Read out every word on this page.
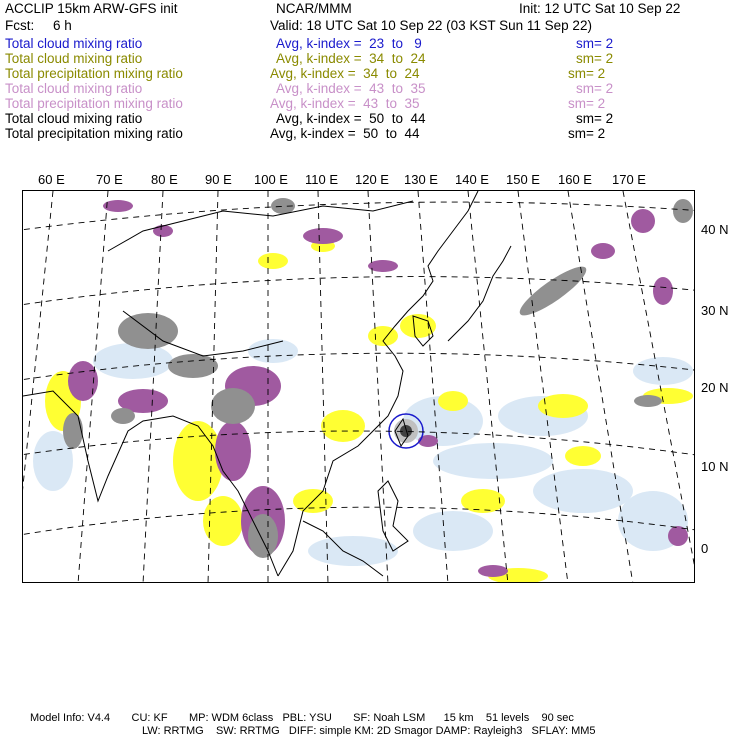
ACCLIP 15km ARW-GFS init	NCAR/MMM	Init: 12 UTC Sat 10 Sep 22
Fcst:     6 h	Valid: 18 UTC Sat 10 Sep 22 (03 KST Sun 11 Sep 22)
Total cloud mixing ratio	Avg, k-index =  23  to   9	sm= 2
Total cloud mixing ratio	Avg, k-index =  34  to  24	sm= 2
Total precipitation mixing ratio	Avg, k-index =  34  to  24	sm= 2
Total cloud mixing ratio	Avg, k-index =  43  to  35	sm= 2
Total precipitation mixing ratio	Avg, k-index =  43  to  35	sm= 2
Total cloud mixing ratio	Avg, k-index =  50  to  44	sm= 2
Total precipitation mixing ratio	Avg, k-index =  50  to  44	sm= 2
60 E 70 E 80 E 90 E 100 E 110 E 120 E 130 E 140 E 150 E 160 E 170 E
40 N
30 N
20 N
10 N
0
Model Info: V4.4       CU: KF       MP: WDM 6class   PBL: YSU       SF: Noah LSM      15 km    51 levels    90 sec
LW: RRTMG    SW: RRTMG   DIFF: simple KM: 2D Smagor DAMP: Rayleigh3   SFLAY: MM5
